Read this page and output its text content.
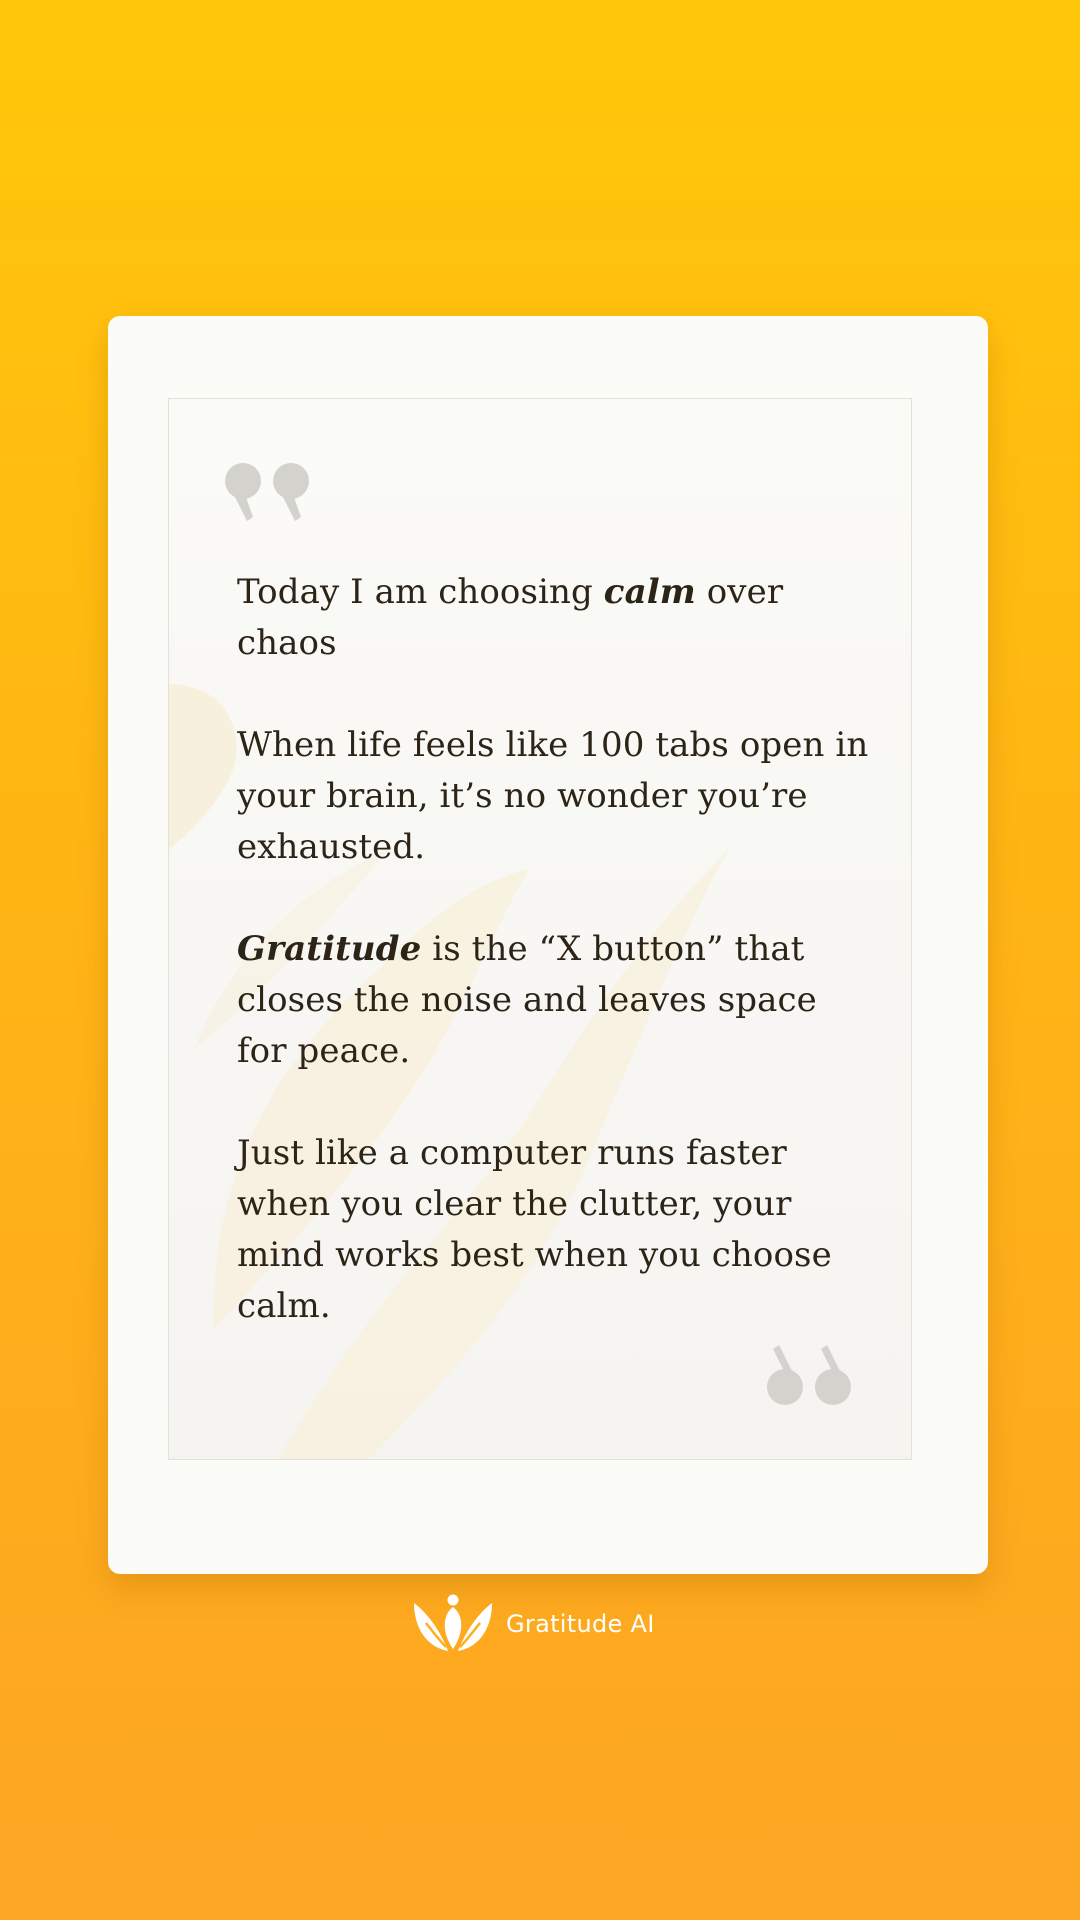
Today I am choosing calm over chaos

When life feels like 100 tabs open in your brain, it’s no wonder you’re exhausted.

Gratitude is the “X button” that closes the noise and leaves space for peace.

Just like a computer runs faster when you clear the clutter, your mind works best when you choose calm.

Gratitude AI
